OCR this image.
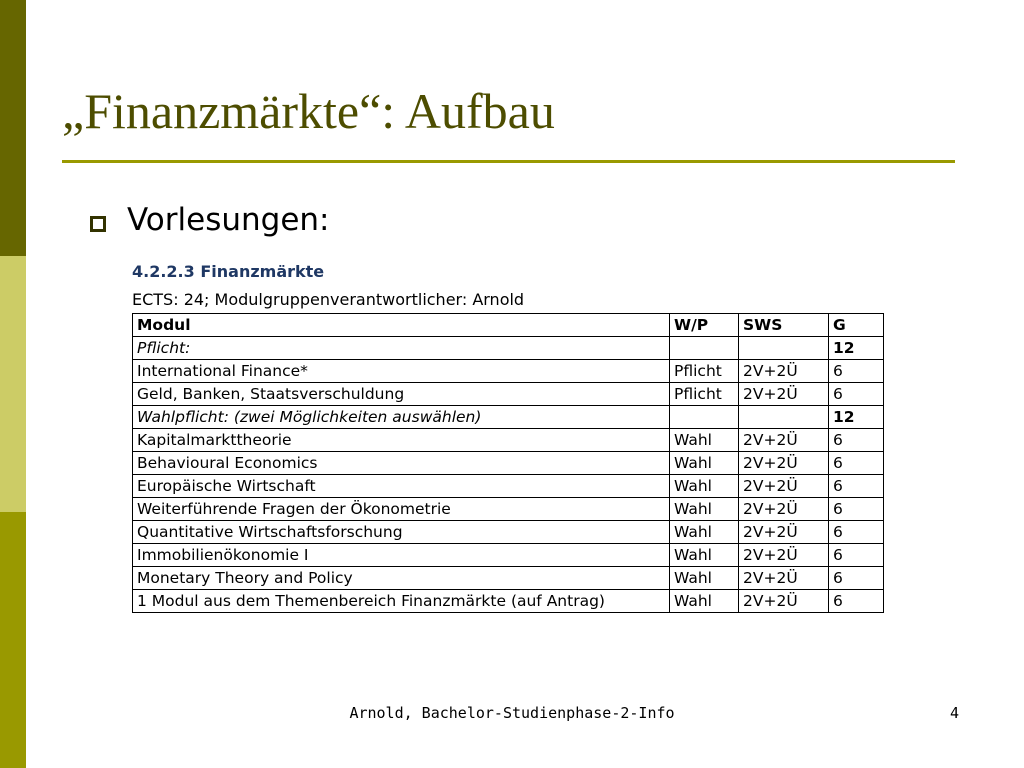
„Finanzmärkte“: Aufbau
Vorlesungen:
4.2.2.3 Finanzmärkte
ECTS: 24; Modulgruppenverantwortlicher: Arnold
Modul	W/P	SWS	G
Pflicht:			12
International Finance*	Pflicht	2V+2Ü	6
Geld, Banken, Staatsverschuldung	Pflicht	2V+2Ü	6
Wahlpflicht: (zwei Möglichkeiten auswählen)			12
Kapitalmarkttheorie	Wahl	2V+2Ü	6
Behavioural Economics	Wahl	2V+2Ü	6
Europäische Wirtschaft	Wahl	2V+2Ü	6
Weiterführende Fragen der Ökonometrie	Wahl	2V+2Ü	6
Quantitative Wirtschaftsforschung	Wahl	2V+2Ü	6
Immobilienökonomie I	Wahl	2V+2Ü	6
Monetary Theory and Policy	Wahl	2V+2Ü	6
1 Modul aus dem Themenbereich Finanzmärkte (auf Antrag)	Wahl	2V+2Ü	6
Arnold, Bachelor-Studienphase-2-Info	4
